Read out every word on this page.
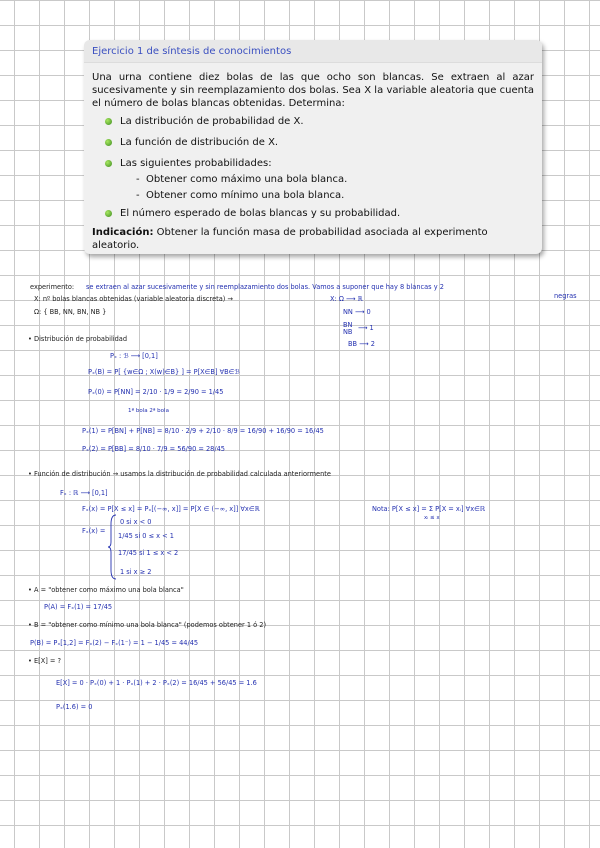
Ejercicio 1 de síntesis de conocimientos

Una urna contiene diez bolas de las que ocho son blancas. Se extraen al azar sucesivamente y sin reemplazamiento dos bolas. Sea X la variable aleatoria que cuenta el número de bolas blancas obtenidas. Determina:

La distribución de probabilidad de X.
La función de distribución de X.
Las siguientes probabilidades:
- Obtener como máximo una bola blanca.
- Obtener como mínimo una bola blanca.
El número esperado de bolas blancas y su probabilidad.
Indicación: Obtener la función masa de probabilidad asociada al experimento aleatorio.
experimento: se extraen al azar sucesivamente y sin reemplazamiento dos bolas. Vamos a suponer que hay 8 blancas y 2
negras
X: nº bolas blancas obtenidas (variable aleatoria discreta) →	X: Ω ⟶ ℝ
Ω: { BB, NN, BN, NB }	NN ⟶ 0
BN
NB ⟶ 1
BB ⟶ 2
• Distribución de probabilidad
Pₓ : ℬ ⟶ [0,1]
Pₓ(B) = P[ {w∈Ω ; X(w)∈B} ] = P[X∈B] ∀B∈ℬ
Pₓ(0) = P[NN] = 2/10 · 1/9 = 2/90 = 1/45
1ª bola 2ª bola
Pₓ(1) = P[BN] + P[NB] = 8/10 · 2/9 + 2/10 · 8/9 = 16/90 + 16/90 = 16/45
Pₓ(2) = P[BB] = 8/10 · 7/9 = 56/90 = 28/45
• Función de distribución → usamos la distribución de probabilidad calculada anteriormente
Fₓ : ℝ ⟶ [0,1]
Fₓ(x) = P[X ≤ x] = Pₓ[(−∞, x]] = P[X ∈ (−∞, x]] ∀x∈ℝ	Nota: P[X ≤ x] = Σ P[X = xᵢ] ∀x∈ℝ
xᵢ ≤ x
Fₓ(x) =
0 si x < 0
1/45 si 0 ≤ x < 1
17/45 si 1 ≤ x < 2
1 si x ≥ 2
• A = "obtener como máximo una bola blanca"
P(A) = Fₓ(1) = 17/45
• B = "obtener como mínimo una bola blanca" (podemos obtener 1 ó 2)
P(B) = Pₓ[1,2] = Fₓ(2) − Fₓ(1⁻) = 1 − 1/45 = 44/45
• E[X] = ?
E[X] = 0 · Pₓ(0) + 1 · Pₓ(1) + 2 · Pₓ(2) = 16/45 + 56/45 = 1.6
Pₓ(1.6) = 0
